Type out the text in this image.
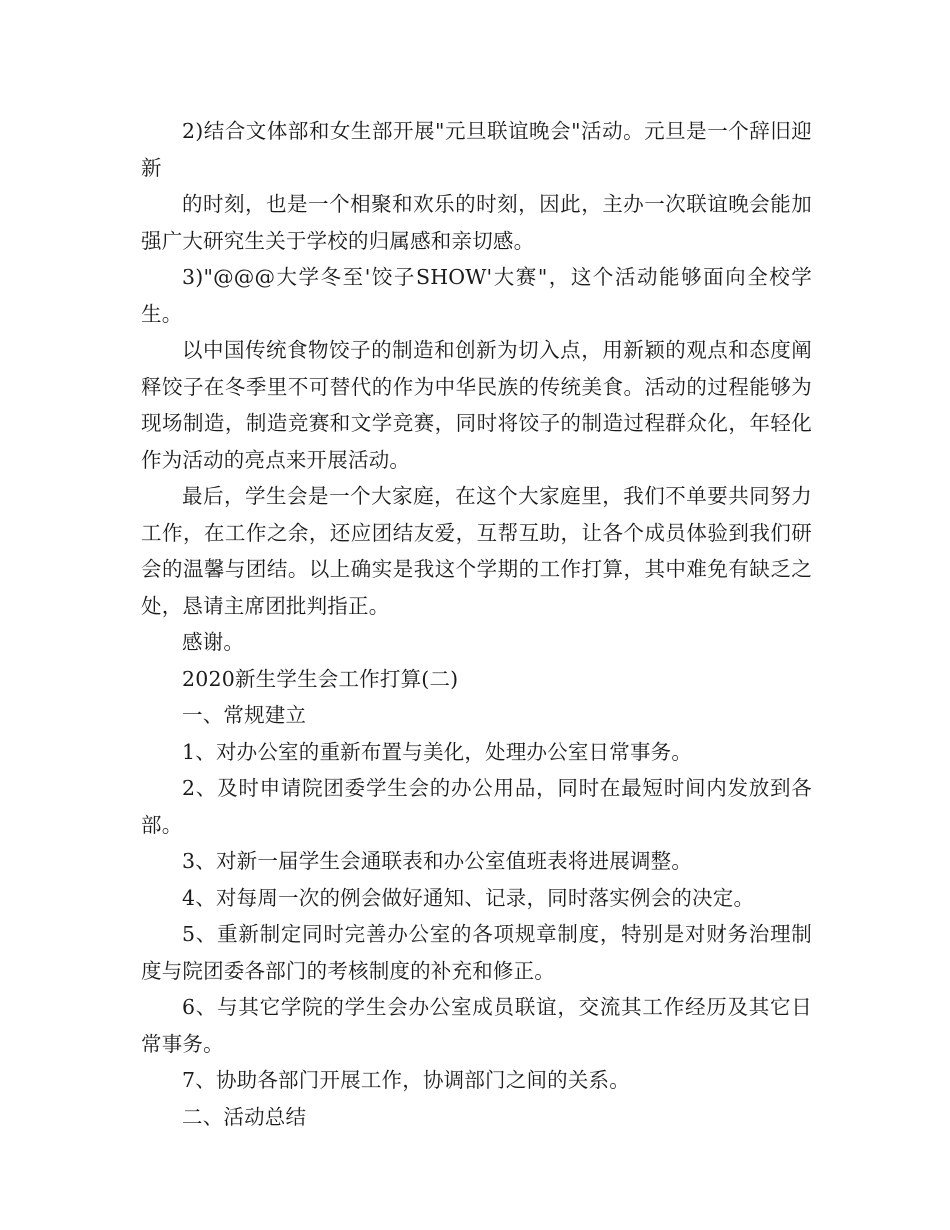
2)结合文体部和女生部开展"元旦联谊晚会"活动。元旦是一个辞旧迎新

的时刻，也是一个相聚和欢乐的时刻，因此，主办一次联谊晚会能加强广大研究生关于学校的归属感和亲切感。

3)"@@@大学冬至'饺子SHOW'大赛"，这个活动能够面向全校学生。

以中国传统食物饺子的制造和创新为切入点，用新颖的观点和态度阐释饺子在冬季里不可替代的作为中华民族的传统美食。活动的过程能够为现场制造，制造竞赛和文学竞赛，同时将饺子的制造过程群众化，年轻化作为活动的亮点来开展活动。

最后，学生会是一个大家庭，在这个大家庭里，我们不单要共同努力工作，在工作之余，还应团结友爱，互帮互助，让各个成员体验到我们研会的温馨与团结。以上确实是我这个学期的工作打算，其中难免有缺乏之处，恳请主席团批判指正。

感谢。

2020新生学生会工作打算(二)

一、常规建立

1、对办公室的重新布置与美化，处理办公室日常事务。

2、及时申请院团委学生会的办公用品，同时在最短时间内发放到各部。

3、对新一届学生会通联表和办公室值班表将进展调整。

4、对每周一次的例会做好通知、记录，同时落实例会的决定。

5、重新制定同时完善办公室的各项规章制度，特别是对财务治理制度与院团委各部门的考核制度的补充和修正。

6、与其它学院的学生会办公室成员联谊，交流其工作经历及其它日常事务。

7、协助各部门开展工作，协调部门之间的关系。

二、活动总结
